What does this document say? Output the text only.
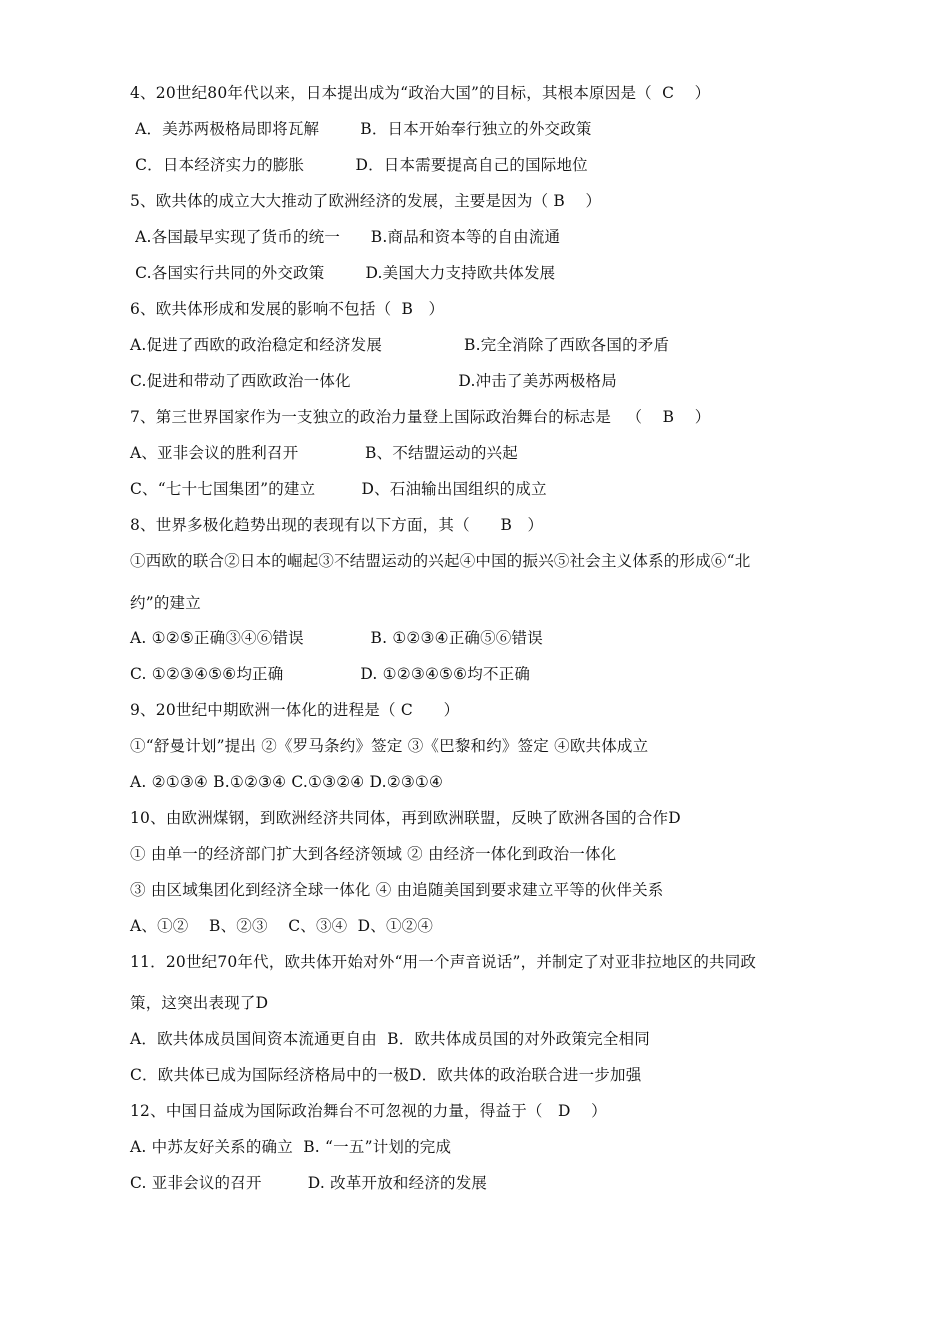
4、20世纪80年代以来，日本提出成为“政治大国”的目标，其根本原因是（  C    ）
A．美苏两极格局即将瓦解        B．日本开始奉行独立的外交政策
C．日本经济实力的膨胀          D．日本需要提高自己的国际地位
5、欧共体的成立大大推动了欧洲经济的发展，主要是因为（ B    ）
A.各国最早实现了货币的统一      B.商品和资本等的自由流通
C.各国实行共同的外交政策        D.美国大力支持欧共体发展
6、欧共体形成和发展的影响不包括（  B   ）
A.促进了西欧的政治稳定和经济发展                B.完全消除了西欧各国的矛盾
C.促进和带动了西欧政治一体化                     D.冲击了美苏两极格局
7、第三世界国家作为一支独立的政治力量登上国际政治舞台的标志是   （    B    ）
A、亚非会议的胜利召开             B、不结盟运动的兴起
C、“七十七国集团”的建立         D、石油输出国组织的成立
8、世界多极化趋势出现的表现有以下方面，其（      B   ）
①西欧的联合②日本的崛起③不结盟运动的兴起④中国的振兴⑤社会主义体系的形成⑥“北
约”的建立
A. ①②⑤正确③④⑥错误             B. ①②③④正确⑤⑥错误
C. ①②③④⑤⑥均正确               D. ①②③④⑤⑥均不正确
9、20世纪中期欧洲一体化的进程是（ C      ）
①“舒曼计划”提出 ②《罗马条约》签定 ③《巴黎和约》签定 ④欧共体成立
A. ②①③④ B.①②③④ C.①③②④ D.②③①④
10、由欧洲煤钢，到欧洲经济共同体，再到欧洲联盟，反映了欧洲各国的合作D
① 由单一的经济部门扩大到各经济领域 ② 由经济一体化到政治一体化
③ 由区域集团化到经济全球一体化 ④ 由追随美国到要求建立平等的伙伴关系
A、①②    B、②③    C、③④  D、①②④
11．20世纪70年代，欧共体开始对外“用一个声音说话”，并制定了对亚非拉地区的共同政
策，这突出表现了D
A．欧共体成员国间资本流通更自由  B．欧共体成员国的对外政策完全相同
C．欧共体已成为国际经济格局中的一极D．欧共体的政治联合进一步加强
12、中国日益成为国际政治舞台不可忽视的力量，得益于（   D    ）
A. 中苏友好关系的确立  B. “一五”计划的完成
C. 亚非会议的召开         D. 改革开放和经济的发展
